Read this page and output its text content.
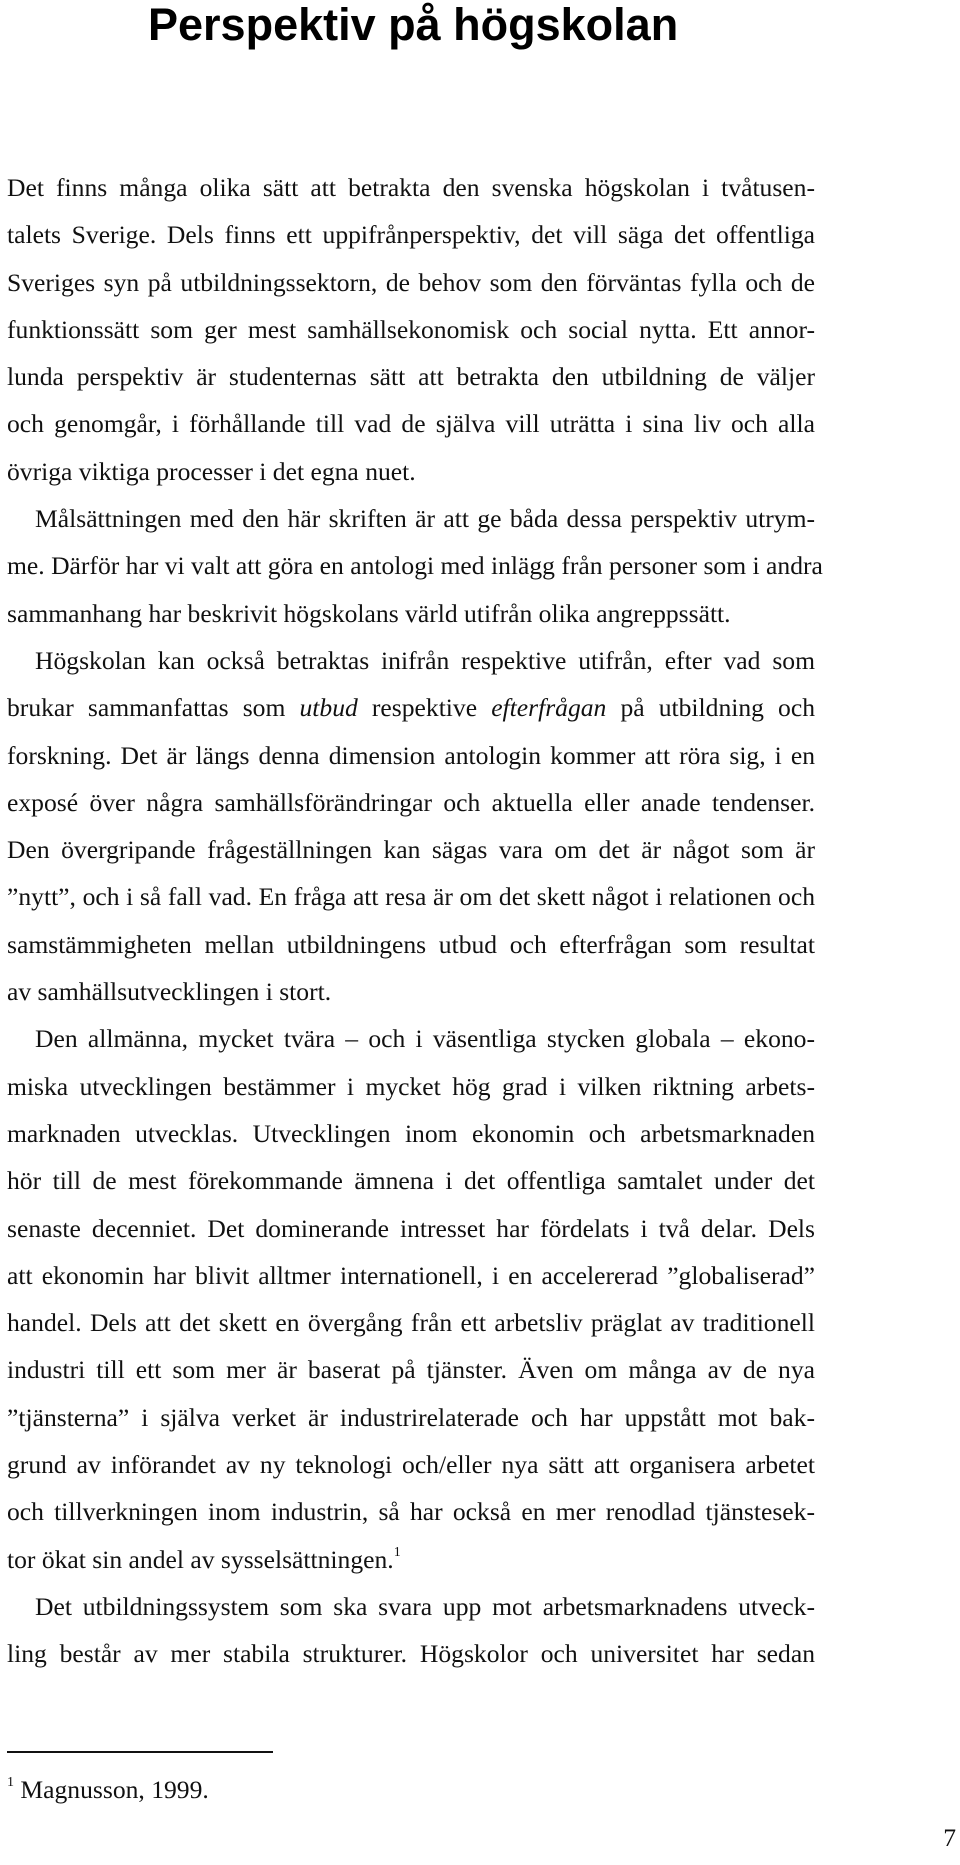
Perspektiv på högskolan

Det finns många olika sätt att betrakta den svenska högskolan i tvåtusen-
talets Sverige. Dels finns ett uppifrånperspektiv, det vill säga det offentliga
Sveriges syn på utbildningssektorn, de behov som den förväntas fylla och de
funktionssätt som ger mest samhällsekonomisk och social nytta. Ett annor-
lunda perspektiv är studenternas sätt att betrakta den utbildning de väljer
och genomgår, i förhållande till vad de själva vill uträtta i sina liv och alla
övriga viktiga processer i det egna nuet.

Målsättningen med den här skriften är att ge båda dessa perspektiv utrym-
me. Därför har vi valt att göra en antologi med inlägg från personer som i andra
sammanhang har beskrivit högskolans värld utifrån olika angreppssätt.

Högskolan kan också betraktas inifrån respektive utifrån, efter vad som
brukar sammanfattas som utbud respektive efterfrågan på utbildning och
forskning. Det är längs denna dimension antologin kommer att röra sig, i en
exposé över några samhällsförändringar och aktuella eller anade tendenser.
Den övergripande frågeställningen kan sägas vara om det är något som är
”nytt”, och i så fall vad. En fråga att resa är om det skett något i relationen och
samstämmigheten mellan utbildningens utbud och efterfrågan som resultat
av samhällsutvecklingen i stort.

Den allmänna, mycket tvära – och i väsentliga stycken globala – ekono-
miska utvecklingen bestämmer i mycket hög grad i vilken riktning arbets-
marknaden utvecklas. Utvecklingen inom ekonomin och arbetsmarknaden
hör till de mest förekommande ämnena i det offentliga samtalet under det
senaste decenniet. Det dominerande intresset har fördelats i två delar. Dels
att ekonomin har blivit alltmer internationell, i en accelererad ”globaliserad”
handel. Dels att det skett en övergång från ett arbetsliv präglat av traditionell
industri till ett som mer är baserat på tjänster. Även om många av de nya
”tjänsterna” i själva verket är industrirelaterade och har uppstått mot bak-
grund av införandet av ny teknologi och/eller nya sätt att organisera arbetet
och tillverkningen inom industrin, så har också en mer renodlad tjänstesek-
tor ökat sin andel av sysselsättningen.$^1$

Det utbildningssystem som ska svara upp mot arbetsmarknadens utveck-
ling består av mer stabila strukturer. Högskolor och universitet har sedan

$^1$ Magnusson, 1999.
7
